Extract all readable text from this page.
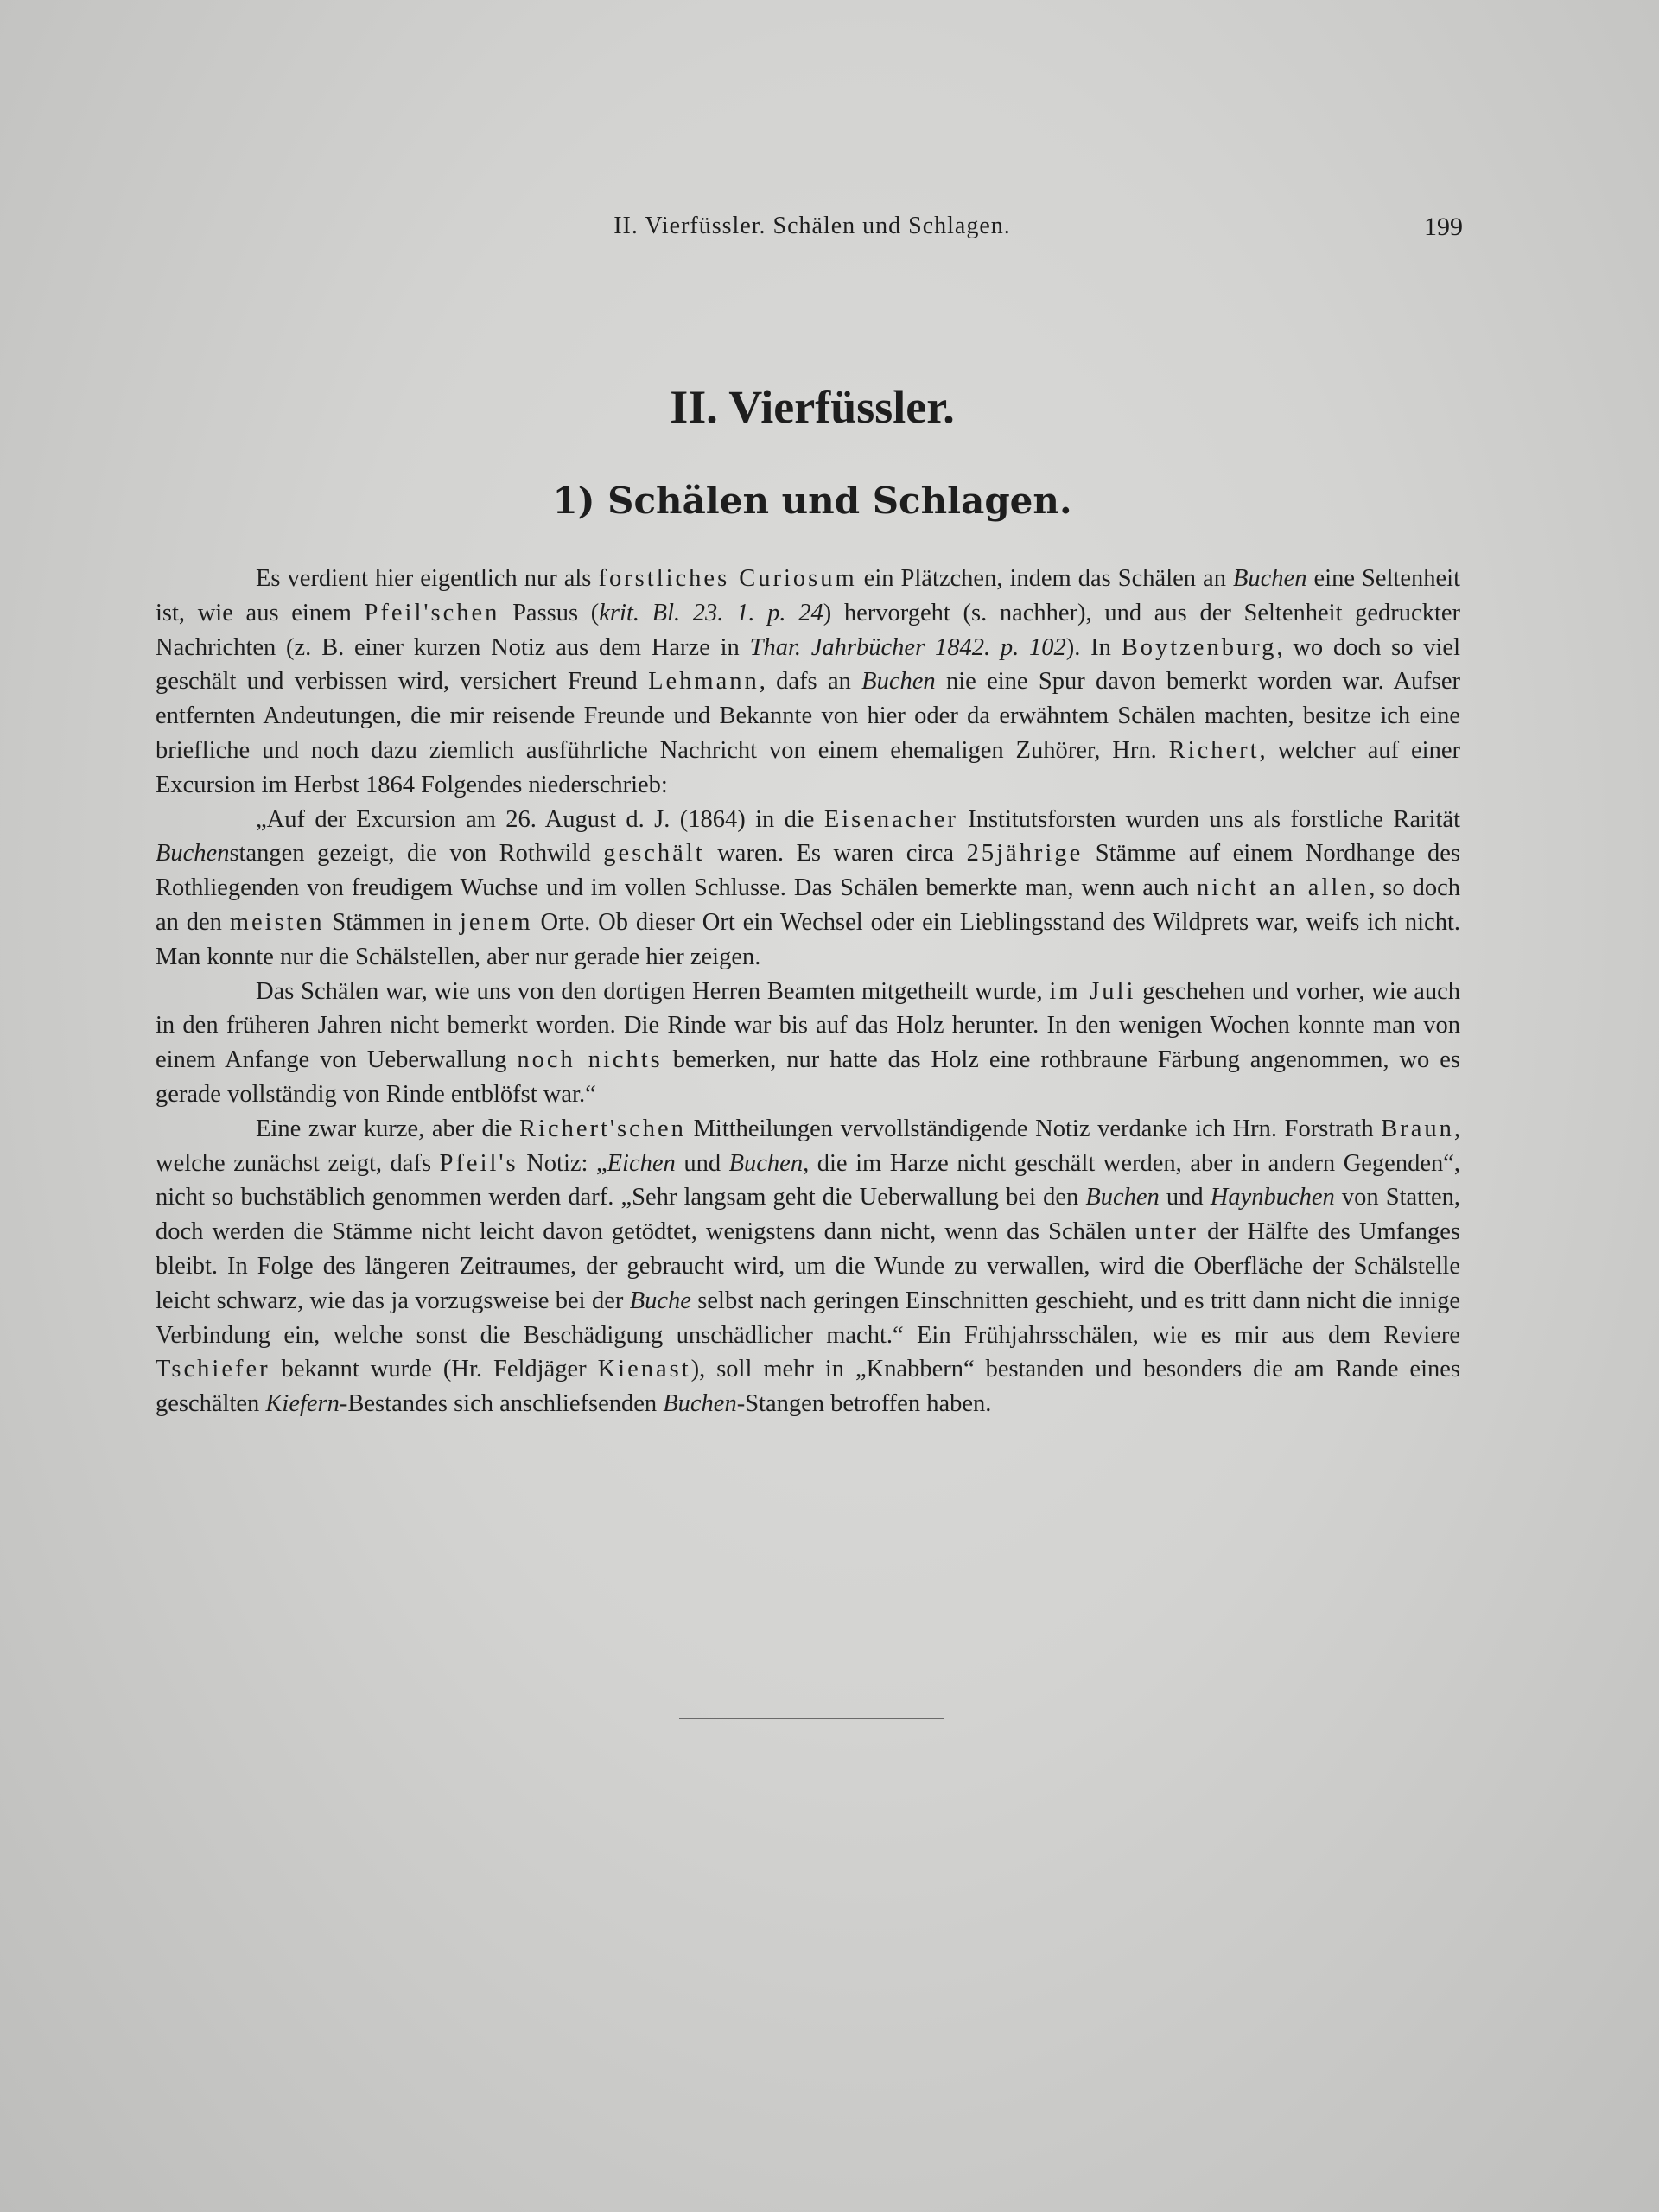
II. Vierfüssler. Schälen und Schlagen.	199
II. Vierfüssler.
1) Schälen und Schlagen.

Es verdient hier eigentlich nur als forstliches Curiosum ein Plätzchen, indem das Schälen an Buchen eine Seltenheit ist, wie aus einem Pfeil'schen Passus (krit. Bl. 23. 1. p. 24) hervorgeht (s. nachher), und aus der Seltenheit gedruckter Nachrichten (z. B. einer kurzen Notiz aus dem Harze in Thar. Jahrbücher 1842. p. 102). In Boytzenburg, wo doch so viel geschält und verbissen wird, versichert Freund Lehmann, dafs an Buchen nie eine Spur davon bemerkt worden war. Aufser entfernten Andeutungen, die mir reisende Freunde und Bekannte von hier oder da erwähntem Schälen machten, besitze ich eine briefliche und noch dazu ziemlich ausführliche Nachricht von einem ehemaligen Zuhörer, Hrn. Richert, welcher auf einer Excursion im Herbst 1864 Folgendes niederschrieb:

„Auf der Excursion am 26. August d. J. (1864) in die Eisenacher Institutsforsten wurden uns als forstliche Rarität Buchenstangen gezeigt, die von Rothwild geschält waren. Es waren circa 25jährige Stämme auf einem Nordhange des Rothliegenden von freudigem Wuchse und im vollen Schlusse. Das Schälen bemerkte man, wenn auch nicht an allen, so doch an den meisten Stämmen in jenem Orte. Ob dieser Ort ein Wechsel oder ein Lieblingsstand des Wildprets war, weifs ich nicht. Man konnte nur die Schälstellen, aber nur gerade hier zeigen.

Das Schälen war, wie uns von den dortigen Herren Beamten mitgetheilt wurde, im Juli geschehen und vorher, wie auch in den früheren Jahren nicht bemerkt worden. Die Rinde war bis auf das Holz herunter. In den wenigen Wochen konnte man von einem Anfange von Ueberwallung noch nichts bemerken, nur hatte das Holz eine rothbraune Färbung angenommen, wo es gerade vollständig von Rinde entblöfst war.“

Eine zwar kurze, aber die Richert'schen Mittheilungen vervollständigende Notiz verdanke ich Hrn. Forstrath Braun, welche zunächst zeigt, dafs Pfeil's Notiz: „Eichen und Buchen, die im Harze nicht geschält werden, aber in andern Gegenden“, nicht so buchstäblich genommen werden darf. „Sehr langsam geht die Ueberwallung bei den Buchen und Haynbuchen von Statten, doch werden die Stämme nicht leicht davon getödtet, wenigstens dann nicht, wenn das Schälen unter der Hälfte des Umfanges bleibt. In Folge des längeren Zeitraumes, der gebraucht wird, um die Wunde zu verwallen, wird die Oberfläche der Schälstelle leicht schwarz, wie das ja vorzugsweise bei der Buche selbst nach geringen Einschnitten geschieht, und es tritt dann nicht die innige Verbindung ein, welche sonst die Beschädigung unschädlicher macht.“ Ein Frühjahrsschälen, wie es mir aus dem Reviere Tschiefer bekannt wurde (Hr. Feldjäger Kienast), soll mehr in „Knabbern“ bestanden und besonders die am Rande eines geschälten Kiefern-Bestandes sich anschliefsenden Buchen-Stangen betroffen haben.
